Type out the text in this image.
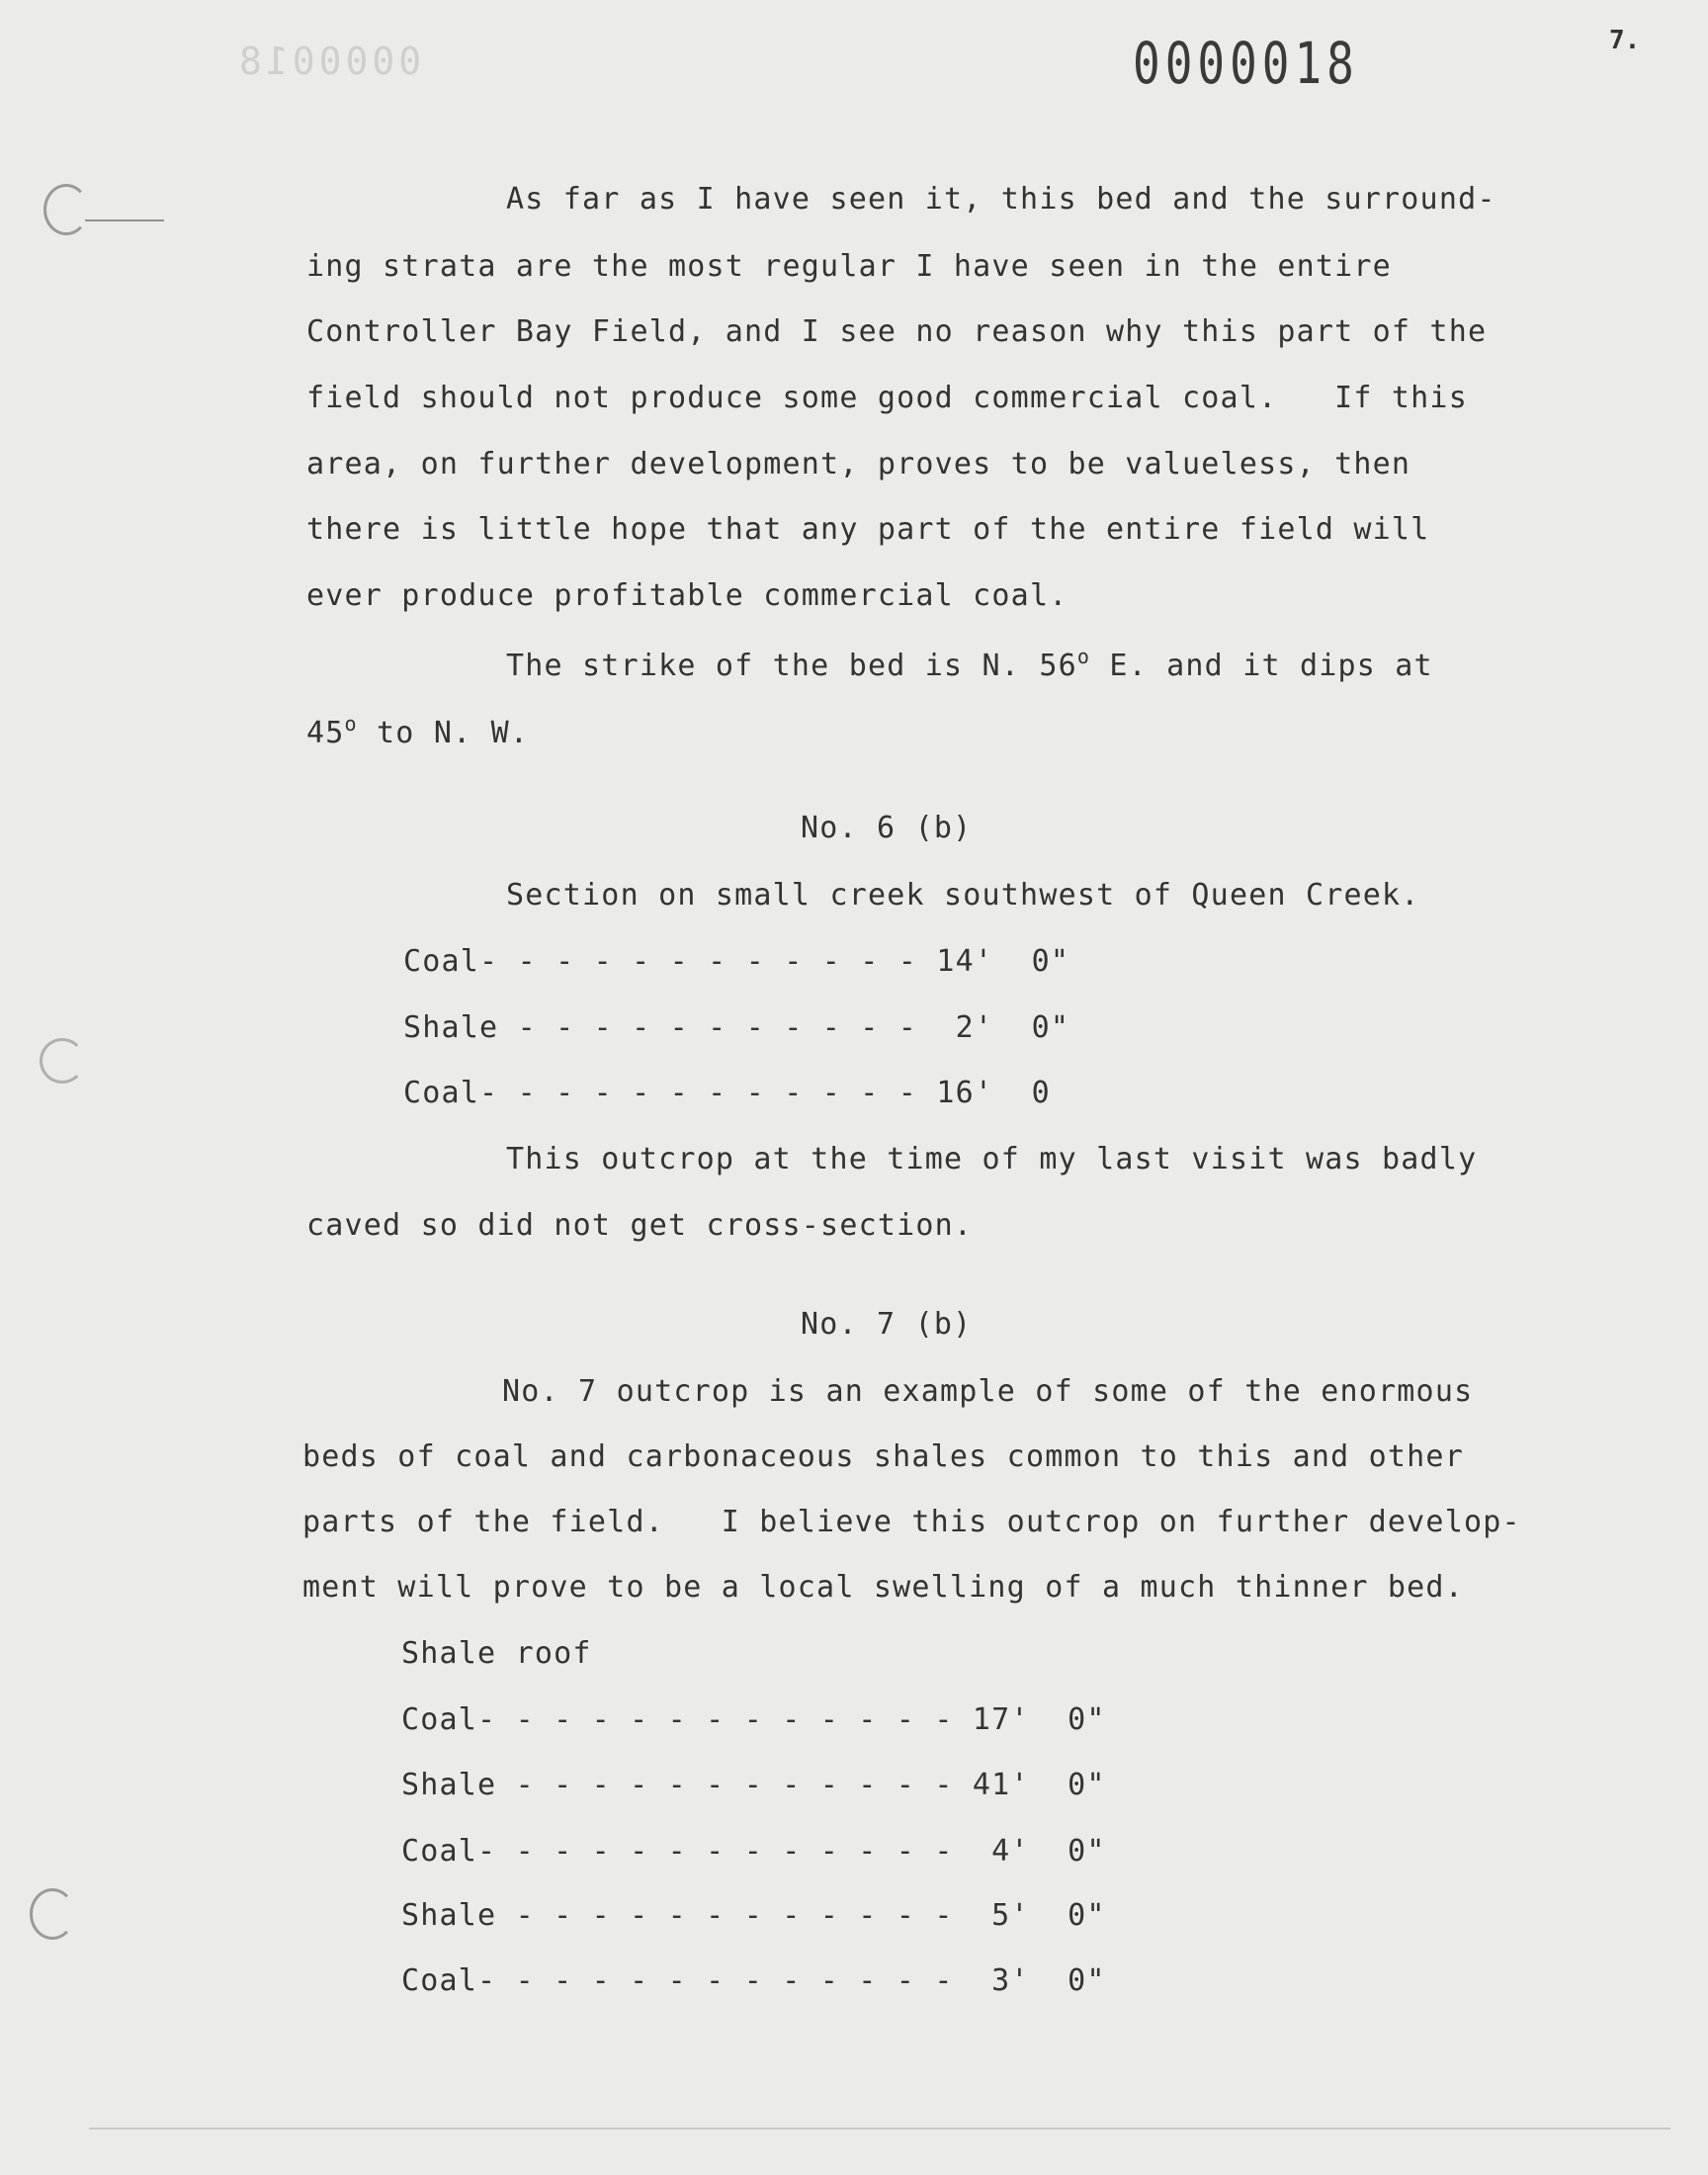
0000018	0000018	7.
As far as I have seen it, this bed and the surround-
ing strata are the most regular I have seen in the entire
Controller Bay Field, and I see no reason why this part of the
field should not produce some good commercial coal.   If this
area, on further development, proves to be valueless, then
there is little hope that any part of the entire field will
ever produce profitable commercial coal.
The strike of the bed is N. 56$^o$ E. and it dips at
45$^o$ to N. W.
No. 6 (b)
Section on small creek southwest of Queen Creek.
Coal- - - - - - - - - - - - 14'  0"
Shale - - - - - - - - - - -  2'  0"
Coal- - - - - - - - - - - - 16'  0
This outcrop at the time of my last visit was badly
caved so did not get cross-section.
No. 7 (b)
No. 7 outcrop is an example of some of the enormous
beds of coal and carbonaceous shales common to this and other
parts of the field.   I believe this outcrop on further develop-
ment will prove to be a local swelling of a much thinner bed.
Shale roof
Coal- - - - - - - - - - - - - 17'  0"
Shale - - - - - - - - - - - - 41'  0"
Coal- - - - - - - - - - - - -  4'  0"
Shale - - - - - - - - - - - -  5'  0"
Coal- - - - - - - - - - - - -  3'  0"
